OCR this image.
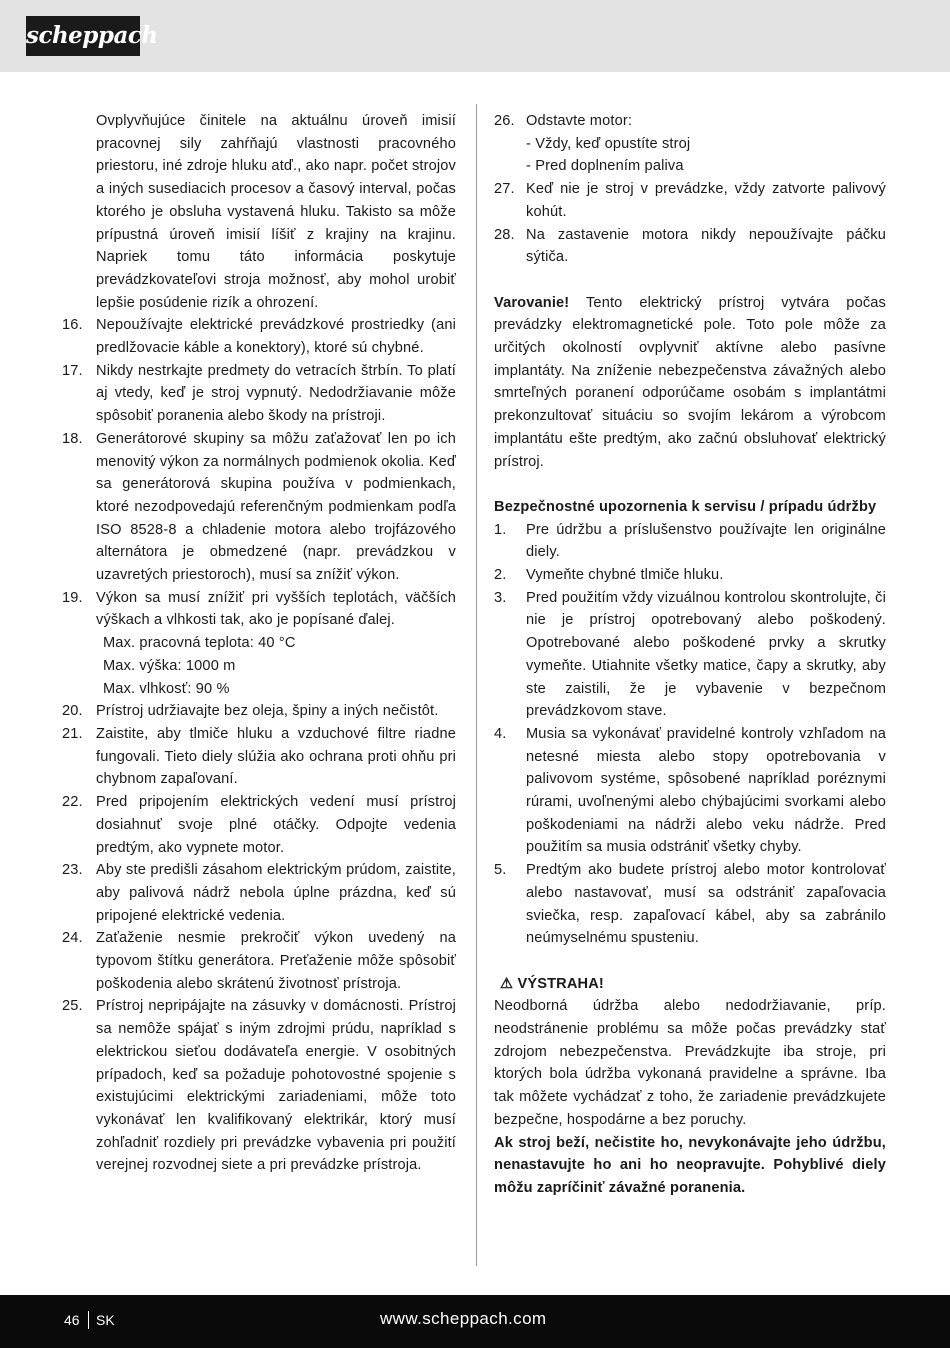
scheppach

Ovplyvňujúce činitele na aktuálnu úroveň imisií pracovnej sily zahŕňajú vlastnosti pracovného priestoru, iné zdroje hluku atď., ako napr. počet strojov a iných susediacich procesov a časový interval, počas ktorého je obsluha vystavená hluku. Takisto sa môže prípustná úroveň imisií líšiť z krajiny na krajinu. Napriek tomu táto informácia poskytuje prevádzkovateľovi stroja možnosť, aby mohol urobiť lepšie posúdenie rizík a ohrození.

16. Nepoužívajte elektrické prevádzkové prostriedky (ani predlžovacie káble a konektory), ktoré sú chybné.
17. Nikdy nestrkajte predmety do vetracích štrbín. To platí aj vtedy, keď je stroj vypnutý. Nedodržiavanie môže spôsobiť poranenia alebo škody na prístroji.
18. Generátorové skupiny sa môžu zaťažovať len po ich menovitý výkon za normálnych podmienok okolia. Keď sa generátorová skupina používa v podmienkach, ktoré nezodpovedajú referenčným podmienkam podľa ISO 8528-8 a chladenie motora alebo trojfázového alternátora je obmedzené (napr. prevádzkou v uzavretých priestoroch), musí sa znížiť výkon.
19. Výkon sa musí znížiť pri vyšších teplotách, väčších výškach a vlhkosti tak, ako je popísané ďalej.
Max. pracovná teplota: 40 °C
Max. výška: 1000 m
Max. vlhkosť: 90 %
20. Prístroj udržiavajte bez oleja, špiny a iných nečistôt.
21. Zaistite, aby tlmiče hluku a vzduchové filtre riadne fungovali. Tieto diely slúžia ako ochrana proti ohňu pri chybnom zapaľovaní.
22. Pred pripojením elektrických vedení musí prístroj dosiahnuť svoje plné otáčky. Odpojte vedenia predtým, ako vypnete motor.
23. Aby ste predišli zásahom elektrickým prúdom, zaistite, aby palivová nádrž nebola úplne prázdna, keď sú pripojené elektrické vedenia.
24. Zaťaženie nesmie prekročiť výkon uvedený na typovom štítku generátora. Preťaženie môže spôsobiť poškodenia alebo skrátenú životnosť prístroja.
25. Prístroj nepripájajte na zásuvky v domácnosti. Prístroj sa nemôže spájať s iným zdrojmi prúdu, napríklad s elektrickou sieťou dodávateľa energie. V osobitných prípadoch, keď sa požaduje pohotovostné spojenie s existujúcimi elektrickými zariadeniami, môže toto vykonávať len kvalifikovaný elektrikár, ktorý musí zohľadniť rozdiely pri prevádzke vybavenia pri použití verejnej rozvodnej siete a pri prevádzke prístroja.
26. Odstavte motor:
- Vždy, keď opustíte stroj
- Pred doplnením paliva
27. Keď nie je stroj v prevádzke, vždy zatvorte palivový kohút.
28. Na zastavenie motora nikdy nepoužívajte páčku sýtiča.

Varovanie! Tento elektrický prístroj vytvára počas prevádzky elektromagnetické pole. Toto pole môže za určitých okolností ovplyvniť aktívne alebo pasívne implantáty. Na zníženie nebezpečenstva závažných alebo smrteľných poranení odporúčame osobám s implantátmi prekonzultovať situáciu so svojím lekárom a výrobcom implantátu ešte predtým, ako začnú obsluhovať elektrický prístroj.

Bezpečnostné upozornenia k servisu / prípadu údržby

1. Pre údržbu a príslušenstvo používajte len originálne diely.
2. Vymeňte chybné tlmiče hluku.
3. Pred použitím vždy vizuálnou kontrolou skontrolujte, či nie je prístroj opotrebovaný alebo poškodený. Opotrebované alebo poškodené prvky a skrutky vymeňte. Utiahnite všetky matice, čapy a skrutky, aby ste zaistili, že je vybavenie v bezpečnom prevádzkovom stave.
4. Musia sa vykonávať pravidelné kontroly vzhľadom na netesné miesta alebo stopy opotrebovania v palivovom systéme, spôsobené napríklad poréznymi rúrami, uvoľnenými alebo chýbajúcimi svorkami alebo poškodeniami na nádrži alebo veku nádrže. Pred použitím sa musia odstrániť všetky chyby.
5. Predtým ako budete prístroj alebo motor kontrolovať alebo nastavovať, musí sa odstrániť zapaľovacia sviečka, resp. zapaľovací kábel, aby sa zabránilo neúmyselnému spusteniu.
⚠ VÝSTRAHA!

Neodborná údržba alebo nedodržiavanie, príp. neodstránenie problému sa môže počas prevádzky stať zdrojom nebezpečenstva. Prevádzkujte iba stroje, pri ktorých bola údržba vykonaná pravidelne a správne. Iba tak môžete vychádzať z toho, že zariadenie prevádzkujete bezpečne, hospodárne a bez poruchy.

Ak stroj beží, nečistite ho, nevykonávajte jeho údržbu, nenastavujte ho ani ho neopravujte. Pohyblivé diely môžu zapríčiniť závažné poranenia.

46 SK	www.scheppach.com
